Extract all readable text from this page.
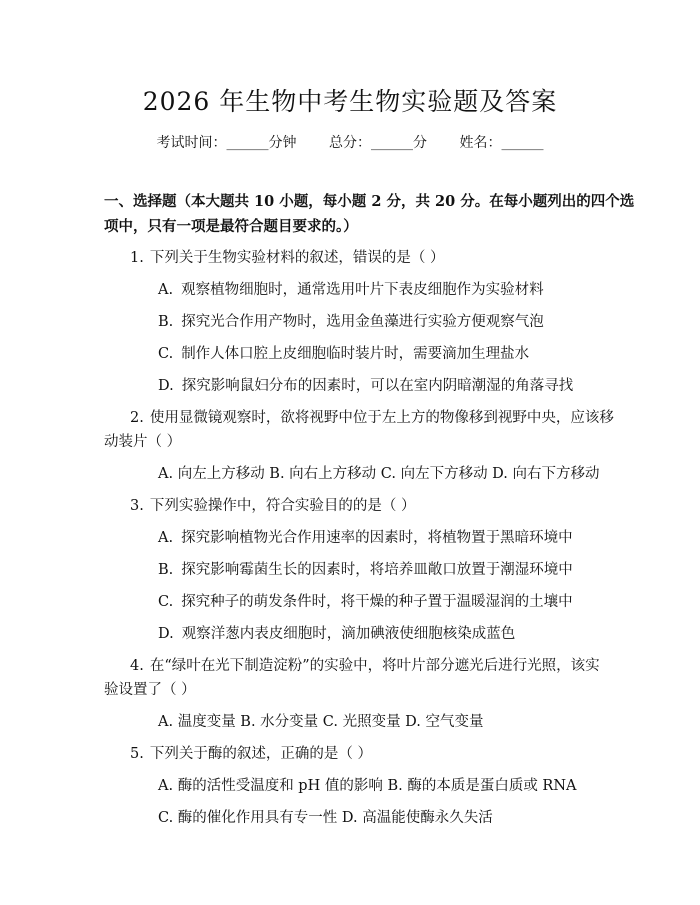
2026 年生物中考生物实验题及答案
考试时间：______分钟 总分：______分 姓名：______
一、选择题（本大题共 10 小题，每小题 2 分，共 20 分。在每小题列出的四个选
项中，只有一项是最符合题目要求的。）
1. 下列关于生物实验材料的叙述，错误的是（ ）
A. 观察植物细胞时，通常选用叶片下表皮细胞作为实验材料
B. 探究光合作用产物时，选用金鱼藻进行实验方便观察气泡
C. 制作人体口腔上皮细胞临时装片时，需要滴加生理盐水
D. 探究影响鼠妇分布的因素时，可以在室内阴暗潮湿的角落寻找
2. 使用显微镜观察时，欲将视野中位于左上方的物像移到视野中央，应该移
动装片（ ）
A. 向左上方移动 B. 向右上方移动 C. 向左下方移动 D. 向右下方移动
3. 下列实验操作中，符合实验目的的是（ ）
A. 探究影响植物光合作用速率的因素时，将植物置于黑暗环境中
B. 探究影响霉菌生长的因素时，将培养皿敞口放置于潮湿环境中
C. 探究种子的萌发条件时，将干燥的种子置于温暖湿润的土壤中
D. 观察洋葱内表皮细胞时，滴加碘液使细胞核染成蓝色
4. 在“绿叶在光下制造淀粉”的实验中，将叶片部分遮光后进行光照，该实
验设置了（ ）
A. 温度变量 B. 水分变量 C. 光照变量 D. 空气变量
5. 下列关于酶的叙述，正确的是（ ）
A. 酶的活性受温度和 pH 值的影响 B. 酶的本质是蛋白质或 RNA
C. 酶的催化作用具有专一性 D. 高温能使酶永久失活
